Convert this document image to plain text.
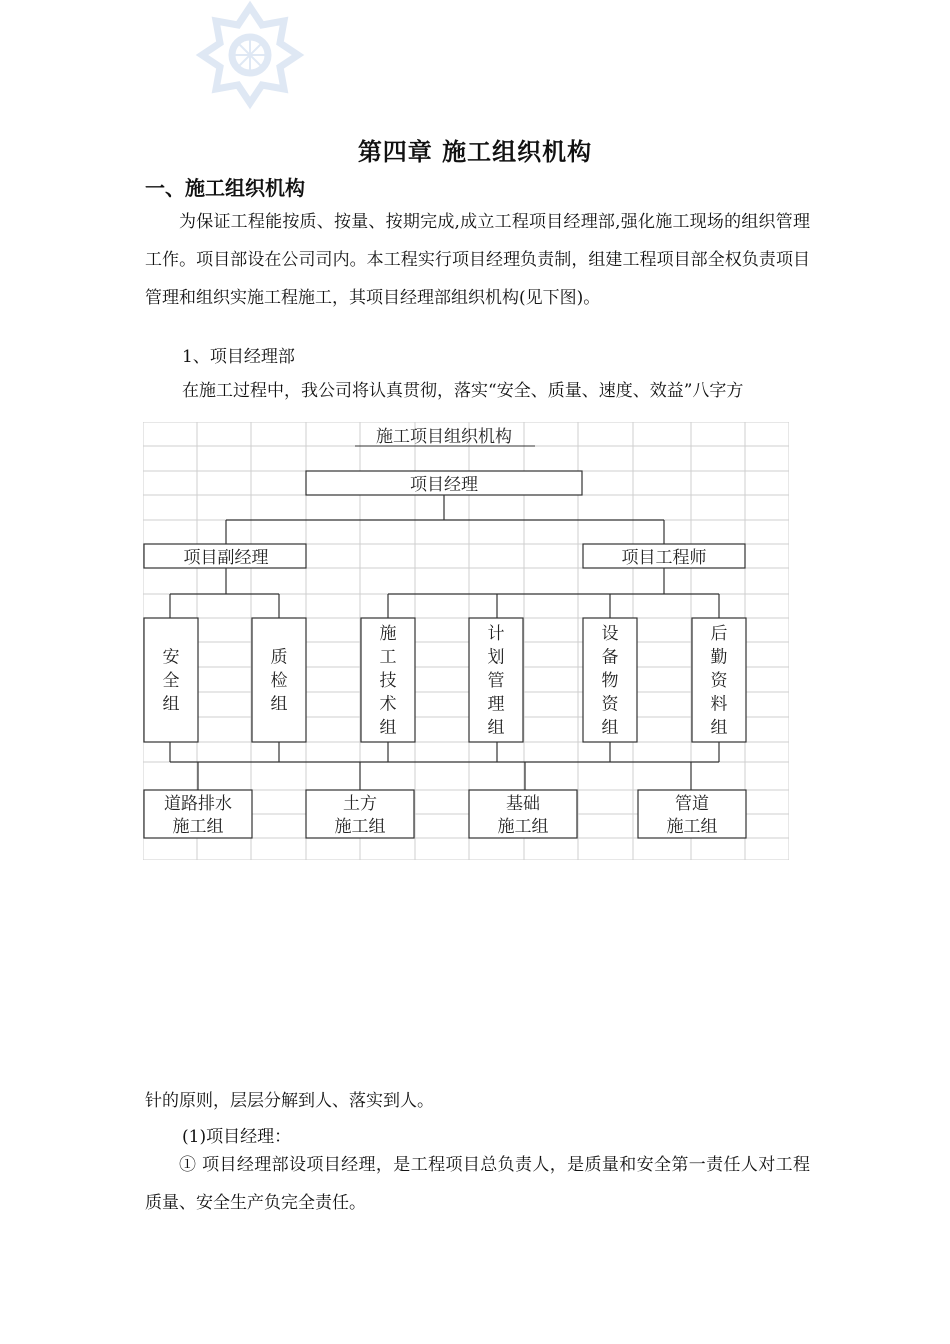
第四章 施工组织机构
一、施工组织机构
为保证工程能按质、按量、按期完成,成立工程项目经理部,强化施工现场的组织管理工作。项目部设在公司司内。本工程实行项目经理负责制，组建工程项目部全权负责项目管理和组织实施工程施工，其项目经理部组织机构(见下图)。
1、项目经理部
在施工过程中，我公司将认真贯彻，落实“安全、质量、速度、效益”八字方
施工项目组织机构
项目经理
项目副经理	项目工程师
安
全
组
质
检
组
施
工
技
术
组
计
划
管
理
组
设
备
物
资
组
后
勤
资
料
组
道路排水
施工组
土方
施工组
基础
施工组
管道
施工组
针的原则，层层分解到人、落实到人。
(1)项目经理：
① 项目经理部设项目经理，是工程项目总负责人，是质量和安全第一责任人对工程质量、安全生产负完全责任。
